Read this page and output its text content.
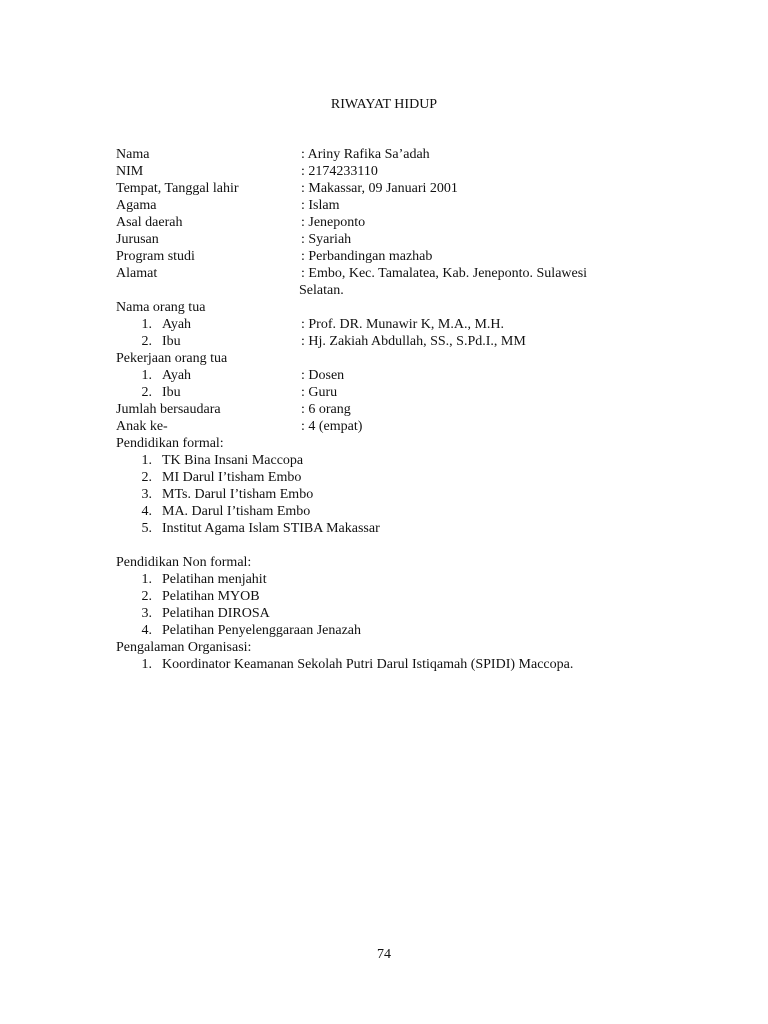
RIWAYAT HIDUP
Nama	: Ariny Rafika Sa’adah
NIM	: 2174233110
Tempat, Tanggal lahir	: Makassar, 09 Januari 2001
Agama	: Islam
Asal daerah	: Jeneponto
Jurusan	: Syariah
Program studi	: Perbandingan mazhab
Alamat	: Embo, Kec. Tamalatea, Kab. Jeneponto. Sulawesi
Selatan.
Nama orang tua
1. Ayah	: Prof. DR. Munawir K, M.A., M.H.
2. Ibu	: Hj. Zakiah Abdullah, SS., S.Pd.I., MM
Pekerjaan orang tua
1. Ayah	: Dosen
2. Ibu	: Guru
Jumlah bersaudara	: 6 orang
Anak ke-	: 4 (empat)
Pendidikan formal:
1. TK Bina Insani Maccopa
2. MI Darul I’tisham Embo
3. MTs. Darul I’tisham Embo
4. MA. Darul I’tisham Embo
5. Institut Agama Islam STIBA Makassar
Pendidikan Non formal:
1. Pelatihan menjahit
2. Pelatihan MYOB
3. Pelatihan DIROSA
4. Pelatihan Penyelenggaraan Jenazah
Pengalaman Organisasi:
1. Koordinator Keamanan Sekolah Putri Darul Istiqamah (SPIDI) Maccopa.
74
